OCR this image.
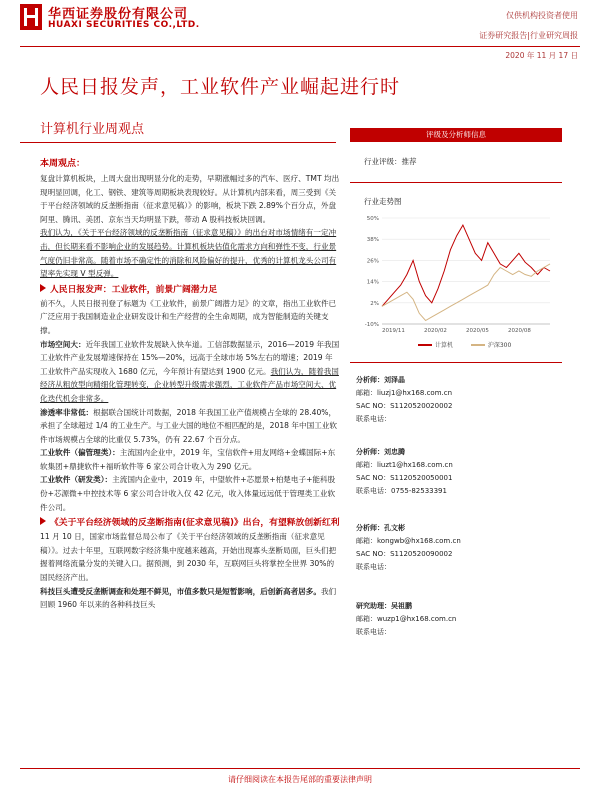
华西证券股份有限公司
HUAXI SECURITIES CO.,LTD.
仅供机构投资者使用
证券研究报告|行业研究周报
2020 年 11 月 17 日
人民日报发声，工业软件产业崛起进行时
计算机行业周观点	评级及分析师信息
行业评级：推荐
行业走势图
50%
38%
26%
14%
2%
-10%
2019/11	2020/02	2020/05	2020/08
计算机	沪深300
分析师：刘泽晶
邮箱：liuzj1@hx168.com.cn
SAC NO：S1120520020002
联系电话：
分析师：刘忠腾
邮箱：liuzt1@hx168.com.cn
SAC NO：S1120520050001
联系电话：0755-82533391
分析师：孔文彬
邮箱：kongwb@hx168.com.cn
SAC NO：S1120520090002
联系电话：
研究助理：吴祖鹏
邮箱：wuzp1@hx168.com.cn
联系电话：
本周观点：

复盘计算机板块，上周大盘出现明显分化的走势，早期涨幅过多的汽车、医疗、TMT 均出现明显回调，化工、钢铁、建筑等周期板块表现较好。从计算机内部来看，周三受到《关于平台经济领域的反垄断指南（征求意见稿）》的影响，板块下跌 2.89%个百分点，外盘阿里、腾讯、美团、京东当天均明显下跌，带动 A 股科技板块回调。

我们认为，《关于平台经济领域的反垄断指南（征求意见稿）》的出台对市场情绪有一定冲击，但长期来看不影响企业的发展趋势。计算机板块估值化需求方向和弹性不变，行业景气度仍旧非常高。随着市场不确定性的消除和风险偏好的提升，优秀的计算机龙头公司有望率先实现 V 型反弹。

人民日报发声：工业软件，前景广阔潜力足

前不久，人民日报刊登了标题为《工业软件，前景广阔潜力足》的文章，指出工业软件已广泛应用于我国制造业企业研发设计和生产经营的全生命周期，成为智能制造的关键支撑。

市场空间大：近年我国工业软件发展缺入快车道。工信部数据显示，2016—2019 年我国工业软件产业发展增速保持在 15%—20%，远高于全球市场 5%左右的增速；2019 年工业软件产品实现收入 1680 亿元，今年预计有望达到 1900 亿元。我们认为，随着我国经济从粗放型向精细化管理转变，企业转型升级需求强烈，工业软件产品市场空间大、优化迭代机会非常多。

渗透率非常低：根据联合国统计司数据，2018 年我国工业产值规模占全球的 28.40%，承担了全球超过 1/4 的工业生产。与工业大国的地位不相匹配的是，2018 年中国工业软件市场规模占全球的比重仅 5.73%，仍有 22.67 个百分点。

工业软件（偏管理类）：主流国内企业中，2019 年，宝信软件+用友网络+金蝶国际+东软集团+鼎捷软件+福昕软件等 6 家公司合计收入为 290 亿元。

工业软件（研发类）：主流国内企业中，2019 年，中望软件+芯愿景+柏楚电子+能科股份+芯源微+中控技术等 6 家公司合计收入仅 42 亿元，收入体量远远低于管理类工业软件公司。

《关于平台经济领域的反垄断指南(征求意见稿)》出台，有望释放创新红利

11 月 10 日，国家市场监督总局公布了《关于平台经济领域的反垄断指南（征求意见稿）》。过去十年里，互联网数字经济集中度越来越高，开始出现寡头垄断局面，巨头们把握着网络流量分发的关键入口。据预测，到 2030 年，互联网巨头将掌控全世界 30%的国民经济产出。

科技巨头遭受反垄断调查和处理不鲜见，市值多数只是短暂影响，后创新高者居多。我们回顾 1960 年以来的各种科技巨头

请仔细阅读在本报告尾部的重要法律声明
